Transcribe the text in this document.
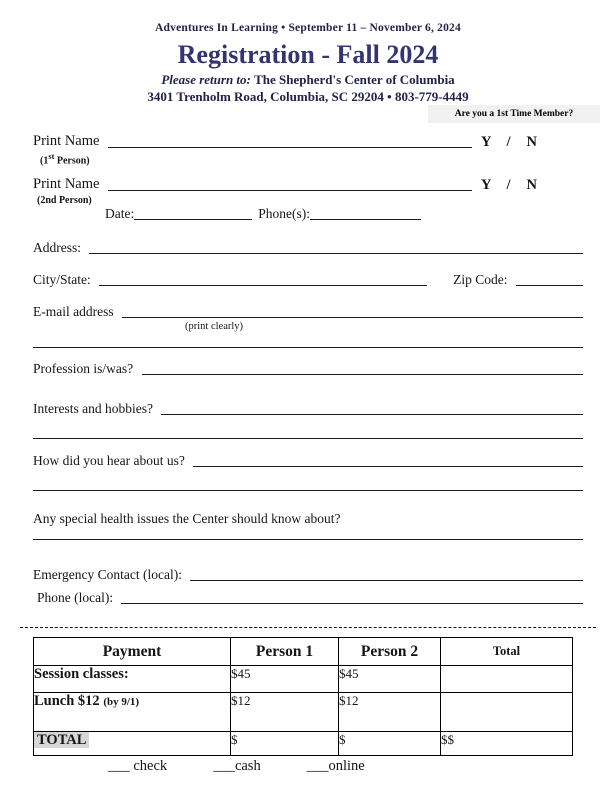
Adventures In Learning • September 11 – November 6, 2024
Registration - Fall 2024
Please return to: The Shepherd's Center of Columbia
3401 Trenholm Road, Columbia, SC 29204 • 803-779-4449
Are you a 1st Time Member?
Print Name	Y / N
(1st Person)
Print Name	Y / N
(2nd Person)
Date:	Phone(s):
Address:
City/State:	Zip Code:
E-mail address
(print clearly)
Profession is/was?
Interests and hobbies?
How did you hear about us?
Any special health issues the Center should know about?
Emergency Contact (local):
Phone (local):
Payment	Person 1	Person 2	Total
Session classes:	$45	$45	
Lunch $12 (by 9/1)	$12	$12	
TOTAL	$	$	$$
___ check	___cash	___online
